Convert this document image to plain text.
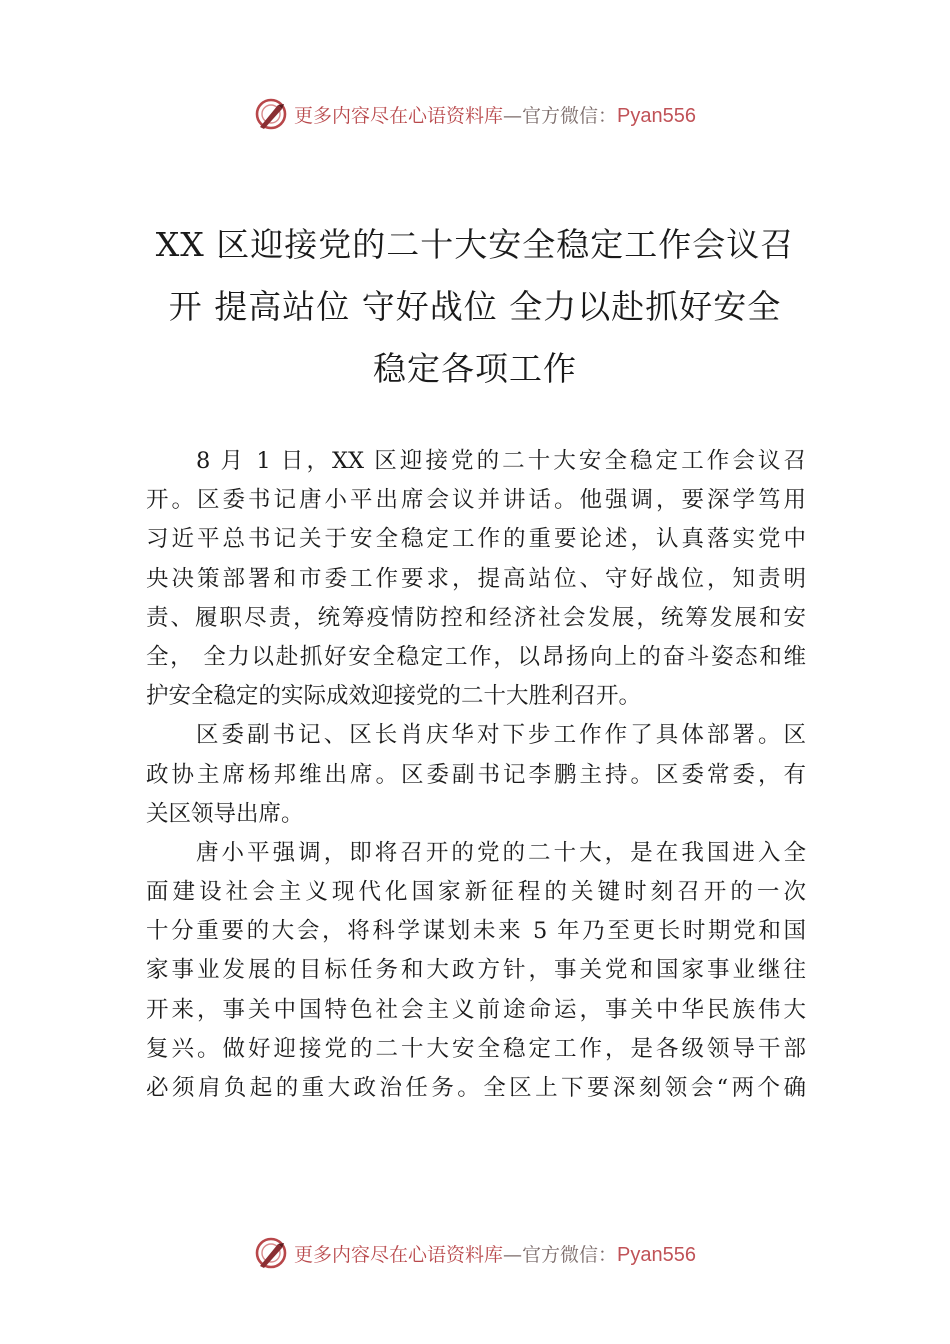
更多内容尽在心语资料库—官方微信：Pyan556
XX 区迎接党的二十大安全稳定工作会议召
开 提高站位 守好战位 全力以赴抓好安全
稳定各项工作
8 月 1 日，XX 区迎接党的二十大安全稳定工作会议召
开。区委书记唐小平出席会议并讲话。他强调，要深学笃用
习近平总书记关于安全稳定工作的重要论述，认真落实党中
央决策部署和市委工作要求，提高站位、守好战位，知责明
责、履职尽责，统筹疫情防控和经济社会发展，统筹发展和安
全， 全力以赴抓好安全稳定工作，以昂扬向上的奋斗姿态和维
护安全稳定的实际成效迎接党的二十大胜利召开。
区委副书记、区长肖庆华对下步工作作了具体部署。区
政协主席杨邦维出席。区委副书记李鹏主持。区委常委，有
关区领导出席。
唐小平强调，即将召开的党的二十大，是在我国进入全
面建设社会主义现代化国家新征程的关键时刻召开的一次
十分重要的大会，将科学谋划未来 5 年乃至更长时期党和国
家事业发展的目标任务和大政方针，事关党和国家事业继往
开来，事关中国特色社会主义前途命运，事关中华民族伟大
复兴。做好迎接党的二十大安全稳定工作，是各级领导干部
必须肩负起的重大政治任务。全区上下要深刻领会“两个确
更多内容尽在心语资料库—官方微信：Pyan556
